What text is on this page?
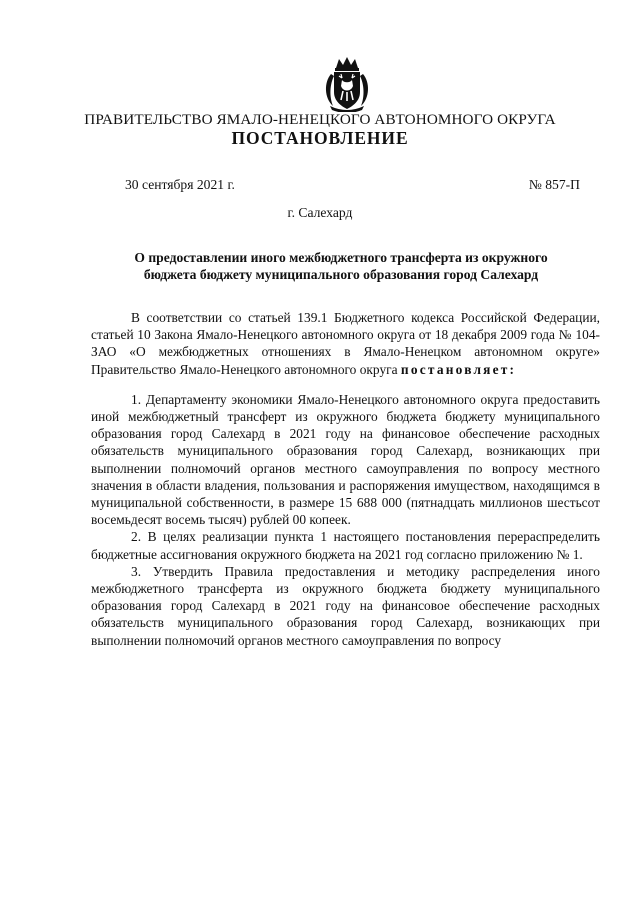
ПРАВИТЕЛЬСТВО ЯМАЛО-НЕНЕЦКОГО АВТОНОМНОГО ОКРУГА
ПОСТАНОВЛЕНИЕ
30 сентября 2021 г.	№ 857-П
г. Салехард
О предоставлении иного межбюджетного трансферта из окружного бюджета бюджету муниципального образования город Салехард

В соответствии со статьей 139.1 Бюджетного кодекса Российской Федерации, статьей 10 Закона Ямало-Ненецкого автономного округа от 18 декабря 2009 года № 104-ЗАО «О межбюджетных отношениях в Ямало-Ненецком автономном округе» Правительство Ямало-Ненецкого автономного округа постановляет:

1. Департаменту экономики Ямало-Ненецкого автономного округа предоставить иной межбюджетный трансферт из окружного бюджета бюджету муниципального образования город Салехард в 2021 году на финансовое обеспечение расходных обязательств муниципального образования город Салехард, возникающих при выполнении полномочий органов местного самоуправления по вопросу местного значения в области владения, пользования и распоряжения имуществом, находящимся в муниципальной собственности, в размере 15 688 000 (пятнадцать миллионов шестьсот восемьдесят восемь тысяч) рублей 00 копеек.

2. В целях реализации пункта 1 настоящего постановления перераспределить бюджетные ассигнования окружного бюджета на 2021 год согласно приложению № 1.

3. Утвердить Правила предоставления и методику распределения иного межбюджетного трансферта из окружного бюджета бюджету муниципального образования город Салехард в 2021 году на финансовое обеспечение расходных обязательств муниципального образования город Салехард, возникающих при выполнении полномочий органов местного самоуправления по вопросу
